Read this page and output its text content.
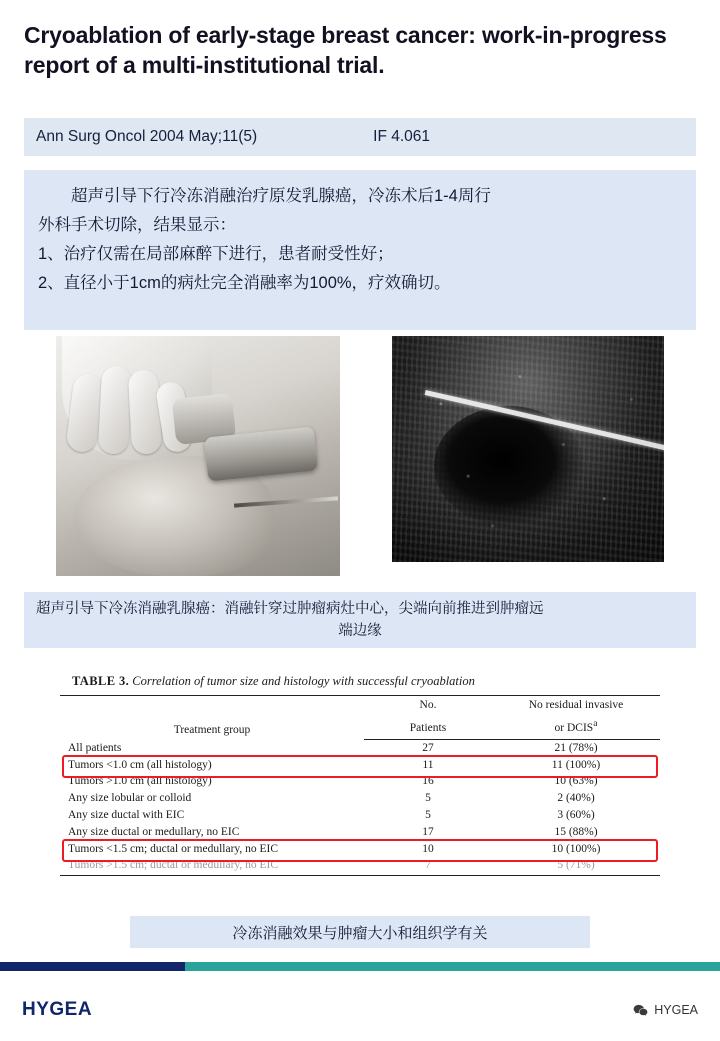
Cryoablation of early-stage breast cancer: work-in-progress report of a multi-institutional trial.
Ann Surg Oncol 2004 May;11(5)	IF 4.061

超声引导下行冷冻消融治疗原发乳腺癌，冷冻术后1-4周行

外科手术切除，结果显示：

1、治疗仅需在局部麻醉下进行，患者耐受性好；

2、直径小于1cm的病灶完全消融率为100%，疗效确切。

超声引导下冷冻消融乳腺癌：消融针穿过肿瘤病灶中心，尖端向前推进到肿瘤远
端边缘
TABLE 3. Correlation of tumor size and histology with successful cryoablation
Treatment group	No.	No residual invasive
	Patients	or DCIS$^a$
All patients	27	21 (78%)
Tumors <1.0 cm (all histology)	11	11 (100%)
Tumors >1.0 cm (all histology)	16	10 (63%)
Any size lobular or colloid	5	2 (40%)
Any size ductal with EIC	5	3 (60%)
Any size ductal or medullary, no EIC	17	15 (88%)
Tumors <1.5 cm; ductal or medullary, no EIC	10	10 (100%)
Tumors >1.5 cm; ductal or medullary, no EIC	7	5 (71%)
冷冻消融效果与肿瘤大小和组织学有关
HYGEA	HYGEA
